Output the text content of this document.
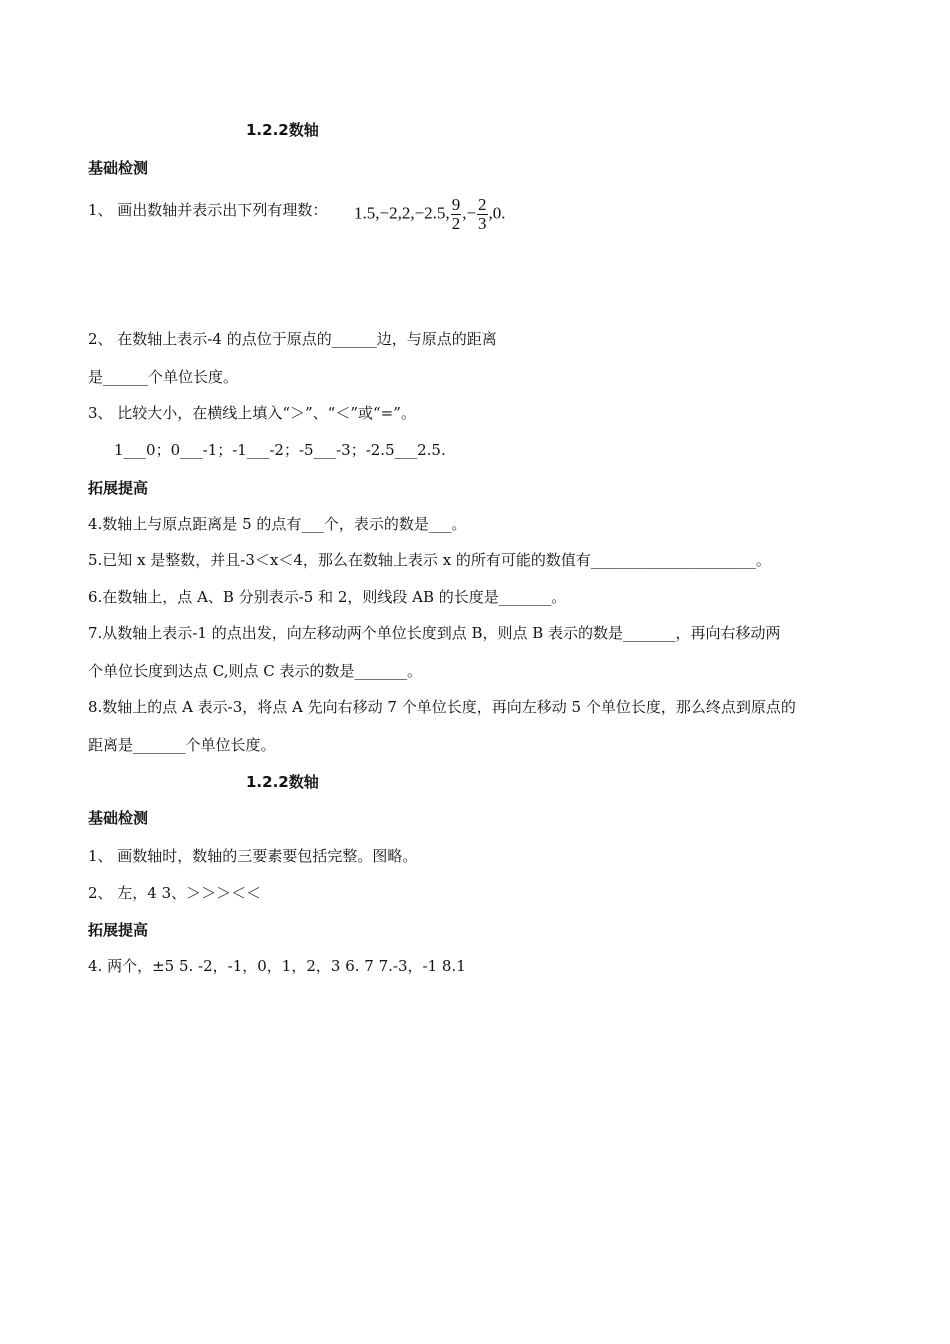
1.2.2数轴
基础检测
1、 画出数轴并表示出下列有理数： 1.5,−2,2,−2.5, $\frac{9}{2}$ ,− $\frac{2}{3} ,0$.
2、 在数轴上表示-4 的点位于原点的______边，与原点的距离
是______个单位长度。
3、 比较大小，在横线上填入“＞”、“＜”或“=”。
1___0；0___-1；-1___-2；-5___-3；-2.5___2.5.
拓展提高
4.数轴上与原点距离是 5 的点有___个，表示的数是___。
5.已知 x 是整数，并且-3＜x＜4，那么在数轴上表示 x 的所有可能的数值有______________________。
6.在数轴上，点 A、B 分别表示-5 和 2，则线段 AB 的长度是_______。
7.从数轴上表示-1 的点出发，向左移动两个单位长度到点 B，则点 B 表示的数是_______，再向右移动两
个单位长度到达点 C,则点 C 表示的数是_______。
8.数轴上的点 A 表示-3，将点 A 先向右移动 7 个单位长度，再向左移动 5 个单位长度，那么终点到原点的
距离是_______个单位长度。
1.2.2数轴
基础检测
1、 画数轴时，数轴的三要素要包括完整。图略。
2、 左，4 3、＞＞＞＜＜
拓展提高
4. 两个，±5 5. -2，-1，0，1，2，3 6. 7 7.-3，-1 8.1
